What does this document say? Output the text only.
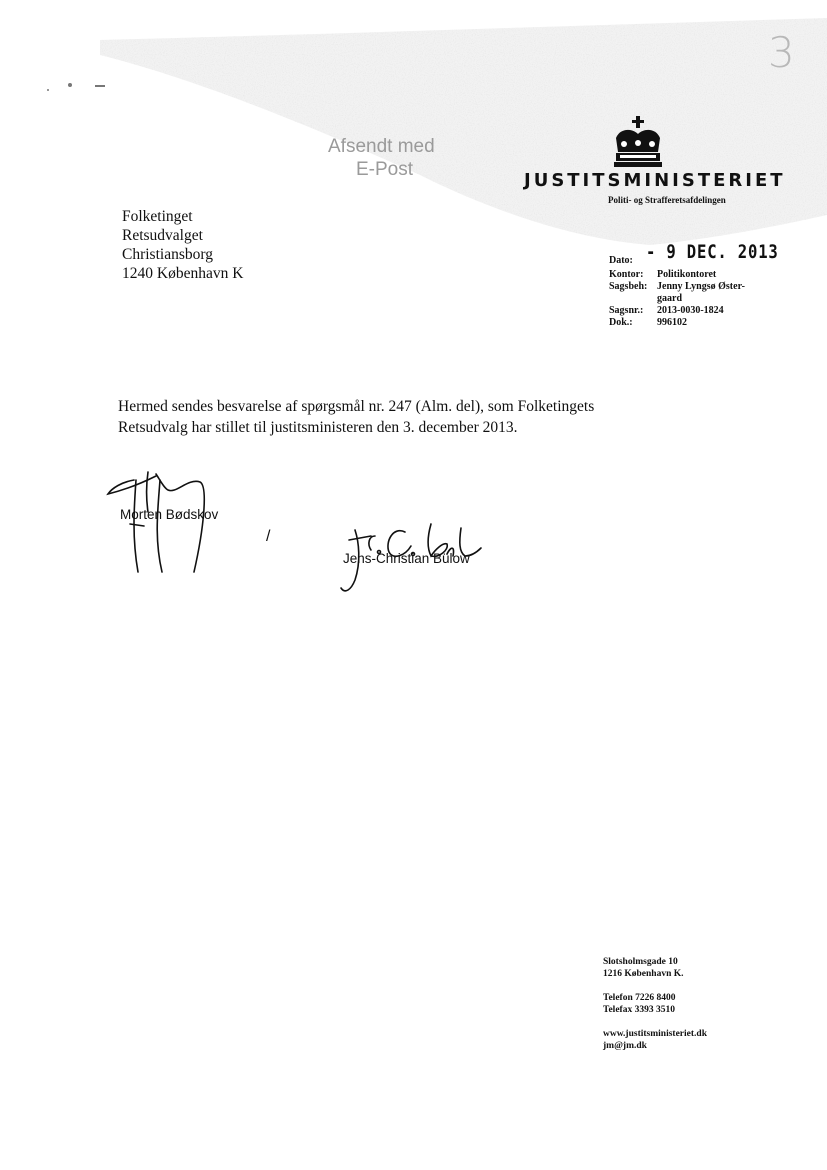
3
Afsendt med
E-Post
JUSTITSMINISTERIET
Politi- og Strafferetsafdelingen
Folketinget
Retsudvalget
Christiansborg
1240 København K
Dato: - 9 DEC. 2013
Kontor: Politikontoret
Sagsbeh: Jenny Lyngsø Øster-
gaard
Sagsnr.: 2013-0030-1824
Dok.: 996102
Hermed sendes besvarelse af spørgsmål nr. 247 (Alm. del), som Folketingets Retsudvalg har stillet til justitsministeren den 3. december 2013.
Morten Bødskov
/
Jens-Christian Bülow
Slotsholmsgade 10
1216 København K.
Telefon 7226 8400
Telefax 3393 3510
www.justitsministeriet.dk
jm@jm.dk
